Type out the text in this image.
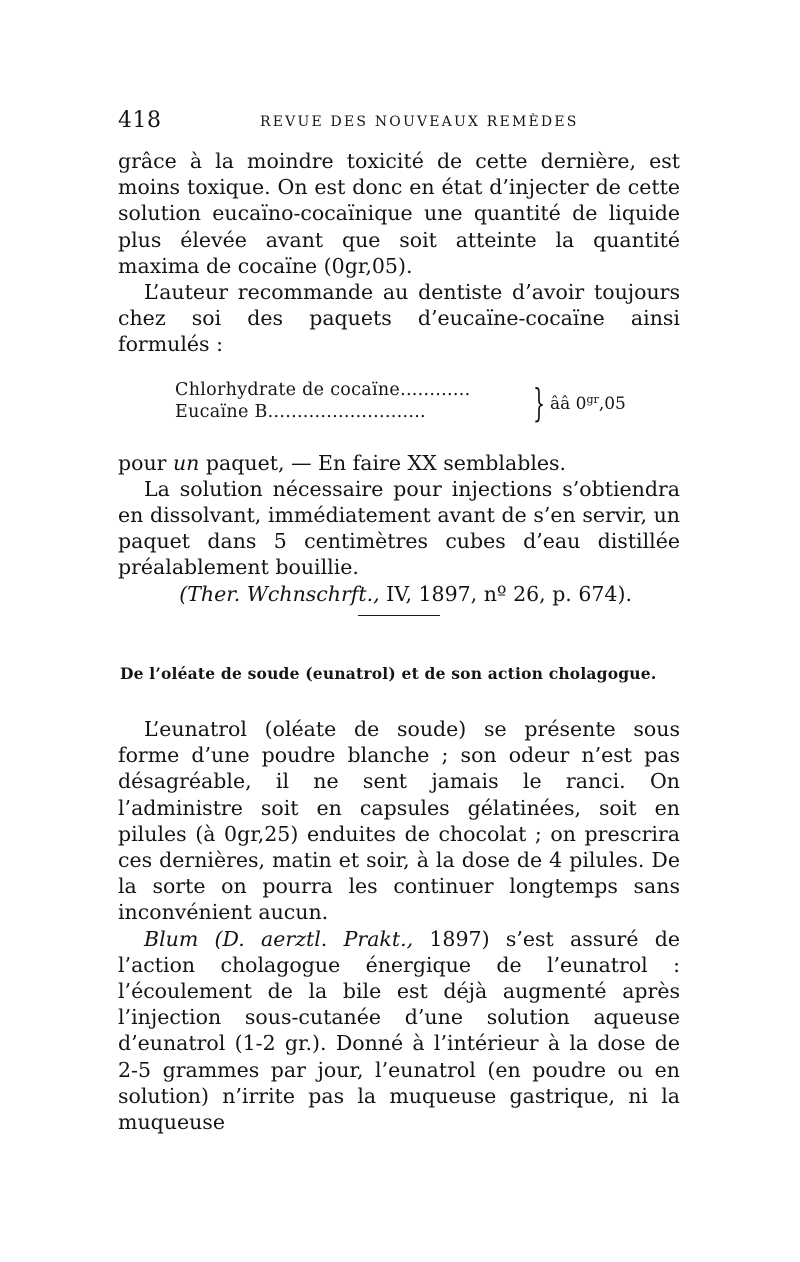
418	REVUE DES NOUVEAUX REMÈDES

grâce à la moindre toxicité de cette dernière, est moins toxique. On est donc en état d’injecter de cette solution eucaïno-cocaïnique une quantité de liquide plus élevée avant que soit atteinte la quantité maxima de cocaïne (0gr,05).

L’auteur recommande au dentiste d’avoir toujours chez soi des paquets d’eucaïne-cocaïne ainsi formulés :

Chlorhydrate de cocaïne............
Eucaïne B...........................	} ââ $0^{gr},05$

pour un paquet, — En faire XX semblables.

La solution nécessaire pour injections s’obtiendra en dissolvant, immédiatement avant de s’en servir, un paquet dans 5 centimètres cubes d’eau distillée préalablement bouillie.

(Ther. Wchnschrft., IV, 1897, nº 26, p. 674).

De l’oléate de soude (eunatrol) et de son action cholagogue.

L’eunatrol (oléate de soude) se présente sous forme d’une poudre blanche ; son odeur n’est pas désagréable, il ne sent jamais le ranci. On l’administre soit en capsules gélatinées, soit en pilules (à 0gr,25) enduites de chocolat ; on prescrira ces dernières, matin et soir, à la dose de 4 pilules. De la sorte on pourra les continuer longtemps sans inconvénient aucun.

Blum (D. aerztl. Prakt., 1897) s’est assuré de l’action cholagogue énergique de l’eunatrol : l’écoulement de la bile est déjà augmenté après l’injection sous-cutanée d’une solution aqueuse d’eunatrol (1-2 gr.). Donné à l’intérieur à la dose de 2-5 grammes par jour, l’eunatrol (en poudre ou en solution) n’irrite pas la muqueuse gastrique, ni la muqueuse
